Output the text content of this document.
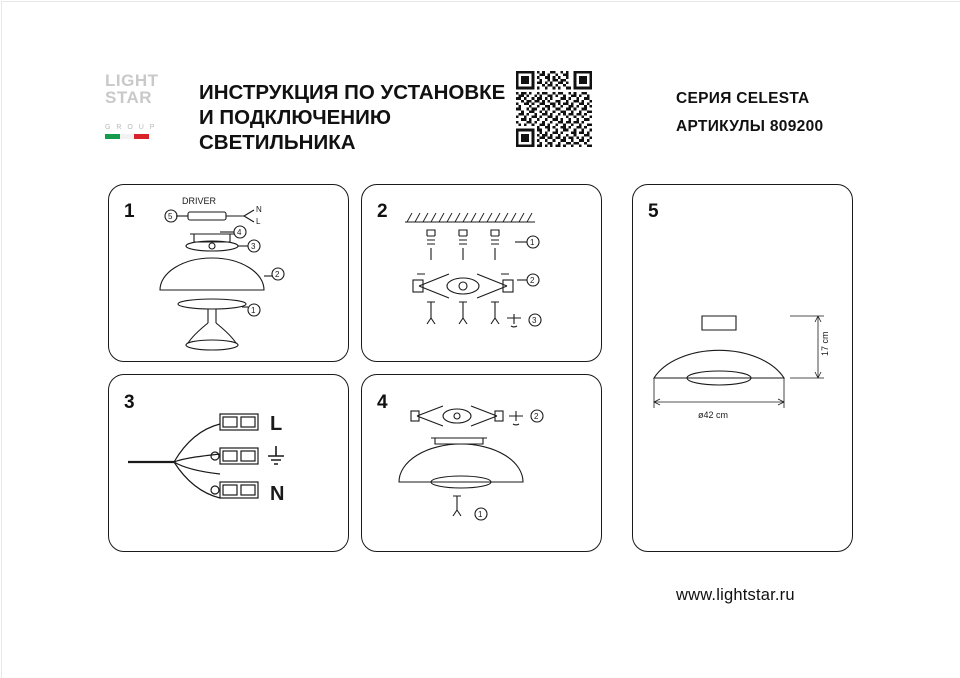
LIGHT
STAR
G R O U P
ИНСТРУКЦИЯ ПО УСТАНОВКЕ И ПОДКЛЮЧЕНИЮ СВЕТИЛЬНИКА
СЕРИЯ CELESTA
АРТИКУЛЫ 809200
1	DRIVER
N
L
5
4
3
2
1
2
1
2
3
3
L
N
4
2
1
5
17 cm
ø42 cm
www.lightstar.ru
